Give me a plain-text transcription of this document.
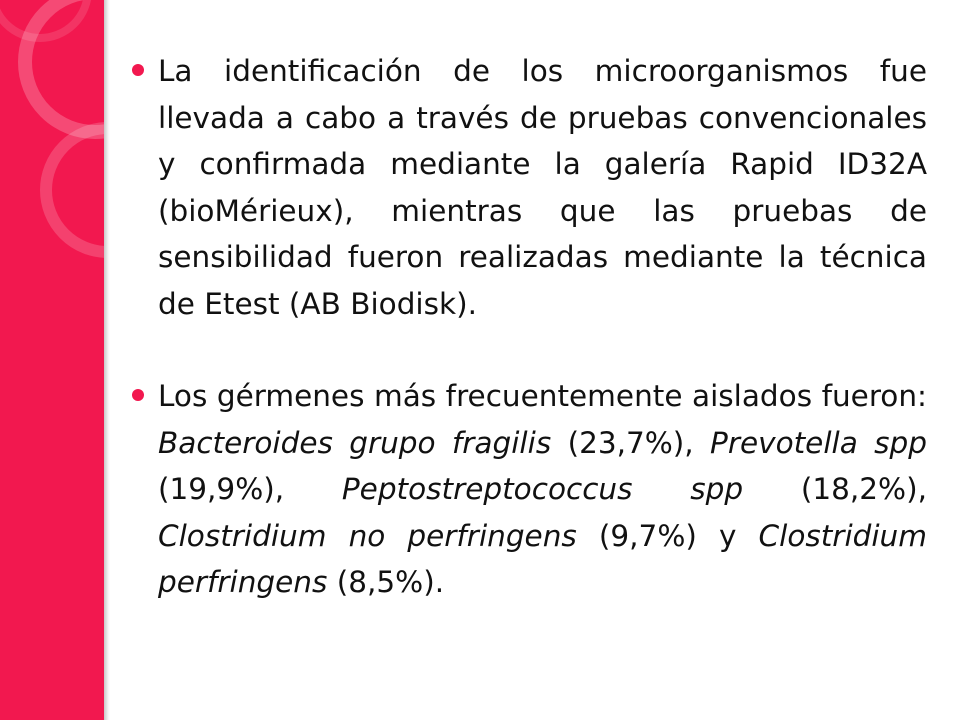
La identificación de los microorganismos fue llevada a cabo a través de pruebas convencionales y confirmada mediante la galería Rapid ID32A (bioMérieux), mientras que las pruebas de sensibilidad fueron realizadas mediante la técnica de Etest (AB Biodisk).
Los gérmenes más frecuentemente aislados fueron: Bacteroides grupo fragilis (23,7%), Prevotella spp (19,9%), Peptostreptococcus spp (18,2%), Clostridium no perfringens (9,7%) y Clostridium perfringens (8,5%).
